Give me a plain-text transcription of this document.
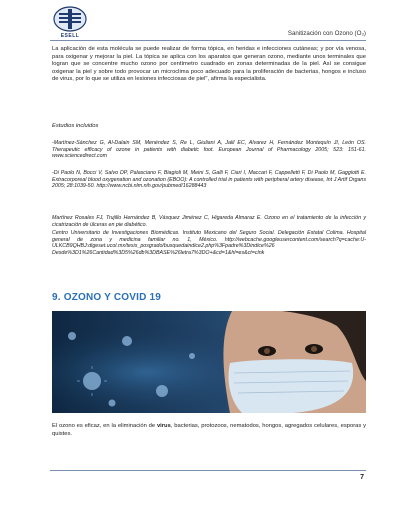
ESELL	Sanitización con Ozono (O₃)
La aplicación de esta molécula se puede realizar de forma tópica, en heridas e infecciones cutáneas; y por vía venosa, para oxigenar y mejorar la piel. La tópica se aplica con los aparatos que generan ozono, mediante unos terminales que logran que se concentre mucho ozono por centímetro cuadrado en zonas determinadas de la piel. Así se consigue oxigenar la piel y sobre todo provocar un microclima poco adecuado para la proliferación de bacterias, hongos e incluso de virus, por lo que se utiliza en lesiones infecciosas de piel", afirma la especialista.
Estudios incluidos
-Martínez-Sánchez G, Al-Dalain SM, Menéndez S, Re L, Giuliani A, Jalil EC, Alvarez H, Fernández Montequín JI, León OS. Therapeutic efficacy of ozone in patients with diabetic foot. European Journal of Pharmacology 2005; 523: 151-61. www.sciencedirect.com
-Di Paolo N, Bocci V, Salvo DP, Palasciano F, Biagioli M, Meini S, Galli F, Ciari I, Maccari F, Cappelletti F, Di Paolo M, Gaggiotti E. Extracorporeal blood oxygenation and ozonation (EBOO): A controlled trial in patients with peripheral artery disease, Int J Artif Organs 2005; 28:1039-50. http://www.ncbi.nlm.nih.gov/pubmed/16288443
Martínez Rosales FJ, Trujillo Hernández B, Vásquez Jiménez C, Higareda Almaraz E. Ozono en el tratamiento de la infección y cicatrización de úlceras en pie diabético.
Centro Universitario de Investigaciones Biomédicas. Instituto Mexicano del Seguro Social. Delegación Estatal Colima. Hospital general de zona y medicina familiar no. 1, México. http://webcache.googleusercontent.com/search?q=cache:U-ULKCB9QHBJ:digeset.ucol.mx/tesis_posgrado/busquedaindice2.php%3Fpadre%3Dindice%26 Desde%3D1%26Cantidad%3D5%26db%3DBASE%26letra7%3DO+&cd=1&hl=es&ct=clnk
9. OZONO Y COVID 19
El ozono es eficaz, en la eliminación de virus, bacterias, protozoos, nematodos, hongos, agregados celulares, esporas y quistes.
7
